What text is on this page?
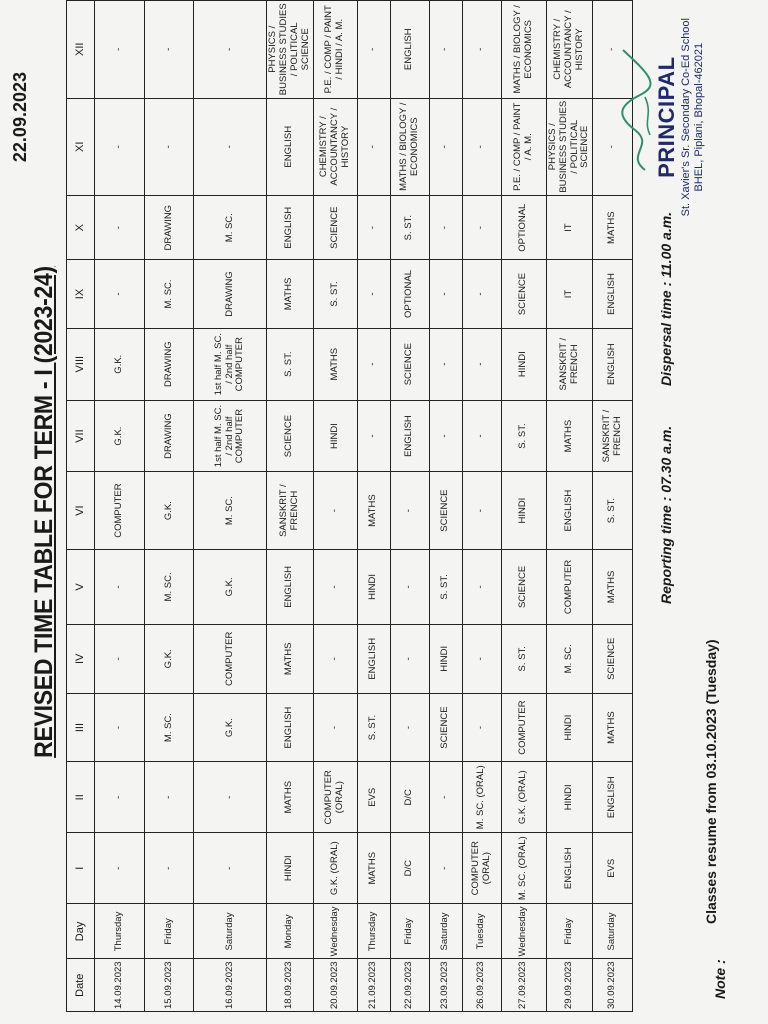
22.09.2023
REVISED TIME TABLE FOR TERM - I (2023-24)
Date	Day	I	II	III	IV	V	VI	VII	VIII	IX	X	XI	XII
14.09.2023	Thursday	-	-	-	-	-	COMPUTER	G.K.	G.K.	-	-	-	-
15.09.2023	Friday	-	-	M. SC.	G.K.	M. SC.	G.K.	DRAWING	DRAWING	M. SC.	DRAWING	-	-
16.09.2023	Saturday	-	-	G.K.	COMPUTER	G.K.	M. SC.	1st half M. SC. / 2nd half COMPUTER	1st half M. SC. / 2nd half COMPUTER	DRAWING	M. SC.	-	-
18.09.2023	Monday	HINDI	MATHS	ENGLISH	MATHS	ENGLISH	SANSKRIT / FRENCH	SCIENCE	S. ST.	MATHS	ENGLISH	ENGLISH	PHYSICS / BUSINESS STUDIES / POLITICAL SCIENCE
20.09.2023	Wednesday	G.K. (ORAL)	COMPUTER (ORAL)	-	-	-	-	HINDI	MATHS	S. ST.	SCIENCE	CHEMISTRY / ACCOUNTANCY / HISTORY	P.E. / COMP / PAINT / HINDI / A. M.
21.09.2023	Thursday	MATHS	EVS	S. ST.	ENGLISH	HINDI	MATHS	-	-	-	-	-	-
22.09.2023	Friday	D/C	D/C	-	-	-	-	ENGLISH	SCIENCE	OPTIONAL	S. ST.	MATHS / BIOLOGY / ECONOMICS	ENGLISH
23.09.2023	Saturday	-	-	SCIENCE	HINDI	S. ST.	SCIENCE	-	-	-	-	-	-
26.09.2023	Tuesday	COMPUTER (ORAL)	M. SC. (ORAL)	-	-	-	-	-	-	-	-	-	-
27.09.2023	Wednesday	M. SC. (ORAL)	G.K. (ORAL)	COMPUTER	S. ST.	SCIENCE	HINDI	S. ST.	HINDI	SCIENCE	OPTIONAL	P.E. / COMP / PAINT / A. M.	MATHS / BIOLOGY / ECONOMICS
29.09.2023	Friday	ENGLISH	HINDI	HINDI	M. SC.	COMPUTER	ENGLISH	MATHS	SANSKRIT / FRENCH	IT	IT	PHYSICS / BUSINESS STUDIES / POLITICAL SCIENCE	CHEMISTRY / ACCOUNTANCY / HISTORY
30.09.2023	Saturday	EVS	ENGLISH	MATHS	SCIENCE	MATHS	S. ST.	SANSKRIT / FRENCH	ENGLISH	ENGLISH	MATHS	-	-
Reporting time : 07.30 a.m.
Dispersal time : 11.00 a.m.
Note :
Classes resume from 03.10.2023 (Tuesday)
PRINCIPAL St. Xavier's Sr. Secondary Co-Ed School BHEL, Piplani, Bhopal-462021
